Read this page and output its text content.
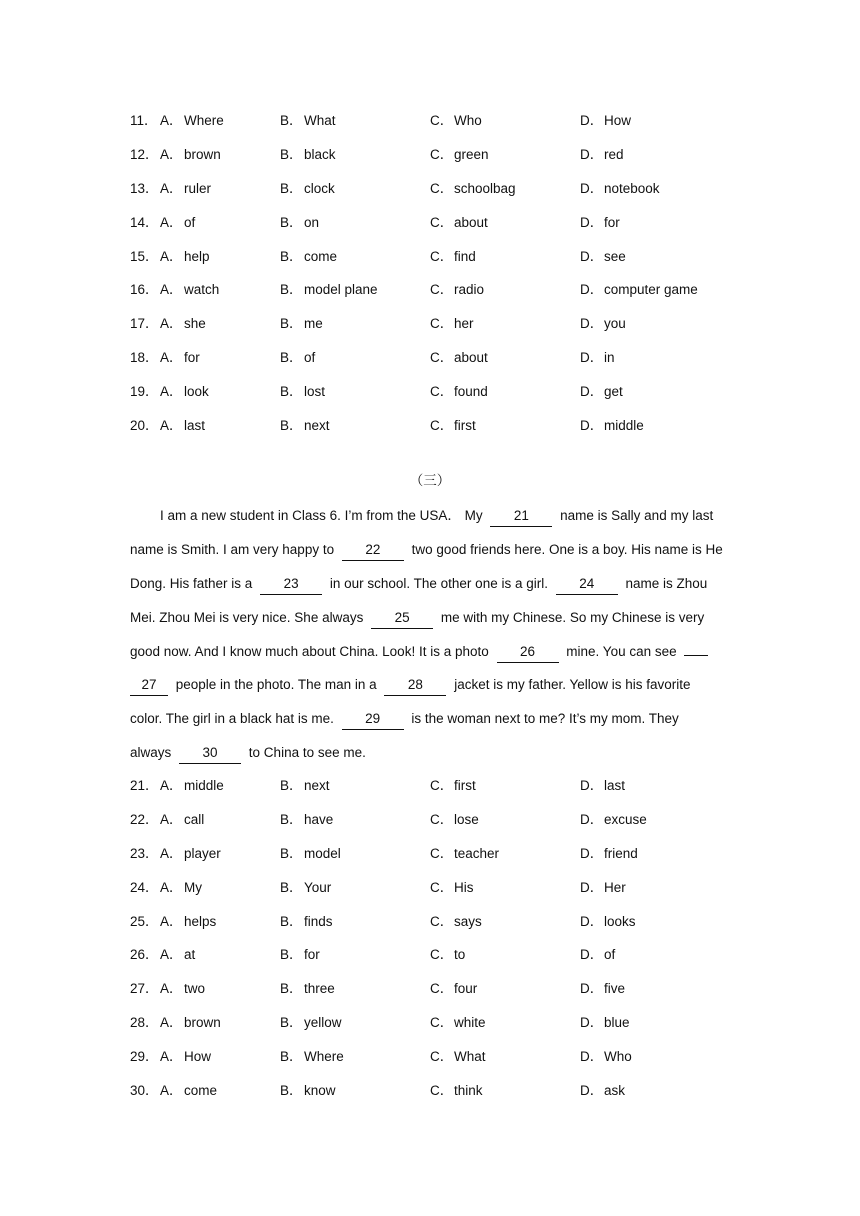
11． A．Where	B．What	C．Who	D．How
12． A．brown	B．black	C．green	D．red
13． A．ruler	B．clock	C．schoolbag	D．notebook
14． A．of	B．on	C．about	D．for
15． A．help	B．come	C．find	D．see
16． A．watch	B．model plane	C．radio	D．computer game
17． A．she	B．me	C．her	D．you
18． A．for	B．of	C．about	D．in
19． A．look	B．lost	C．found	D．get
20． A．last	B．next	C．first	D．middle
（三）
I am a new student in Class 6. I’m from the USA． My 21 name is Sally and my last
name is Smith. I am very happy to 22 two good friends here. One is a boy. His name is He
Dong. His father is a 23 in our school. The other one is a girl. 24 name is Zhou
Mei. Zhou Mei is very nice. She always 25 me with my Chinese. So my Chinese is very
good now. And I know much about China. Look! It is a photo 26 mine. You can see
27 people in the photo. The man in a 28 jacket is my father. Yellow is his favorite
color. The girl in a black hat is me. 29 is the woman next to me? It’s my mom. They
always 30 to China to see me.
21． A．middle	B．next	C．first	D．last
22． A．call	B．have	C．lose	D．excuse
23． A．player	B．model	C．teacher	D．friend
24． A．My	B．Your	C．His	D．Her
25． A．helps	B．finds	C．says	D．looks
26． A．at	B．for	C．to	D．of
27． A．two	B．three	C．four	D．five
28． A．brown	B．yellow	C．white	D．blue
29． A．How	B．Where	C．What	D．Who
30． A．come	B．know	C．think	D．ask
